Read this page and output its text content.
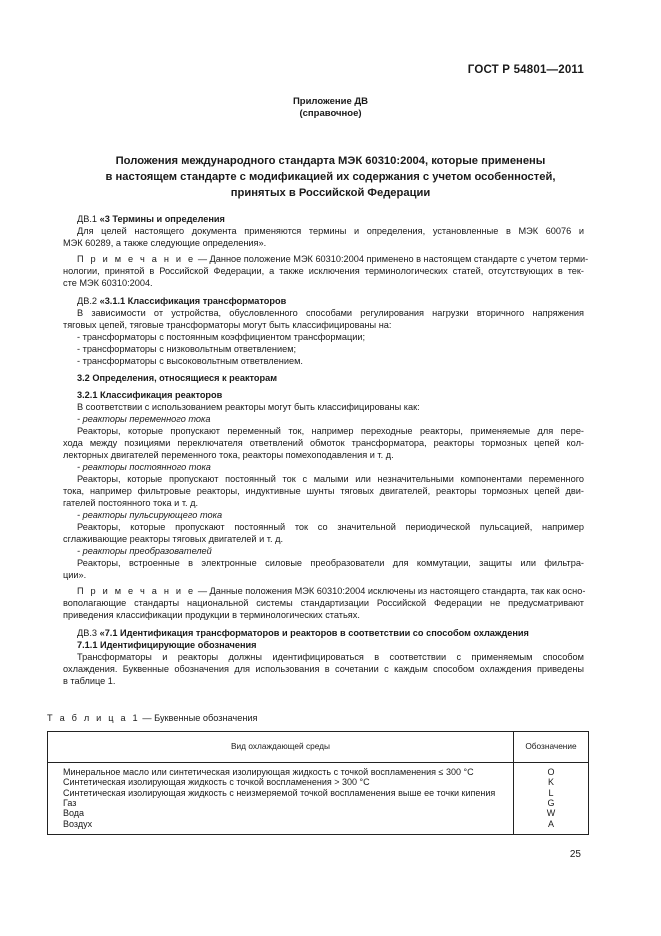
ГОСТ Р 54801—2011
Приложение ДВ
(справочное)
Положения международного стандарта МЭК 60310:2004, которые применены
в настоящем стандарте с модификацией их содержания с учетом особенностей,
принятых в Российской Федерации
ДВ.1 «3 Термины и определения
Для целей настоящего документа применяются термины и определения, установленные в МЭК 60076 и
МЭК 60289, а также следующие определения».
П р и м е ч а н и е — Данное положение МЭК 60310:2004 применено в настоящем стандарте с учетом терми-
нологии, принятой в Российской Федерации, а также исключения терминологических статей, отсутствующих в тек-
сте МЭК 60310:2004.
ДВ.2 «3.1.1 Классификация трансформаторов
В зависимости от устройства, обусловленного способами регулирования нагрузки вторичного напряжения
тяговых цепей, тяговые трансформаторы могут быть классифицированы на:
- трансформаторы с постоянным коэффициентом трансформации;
- трансформаторы с низковольтным ответвлением;
- трансформаторы с высоковольтным ответвлением.
3.2 Определения, относящиеся к реакторам
3.2.1 Классификация реакторов
В соответствии с использованием реакторы могут быть классифицированы как:
- реакторы переменного тока
Реакторы, которые пропускают переменный ток, например переходные реакторы, применяемые для пере-
хода между позициями переключателя ответвлений обмоток трансформатора, реакторы тормозных цепей кол-
лекторных двигателей переменного тока, реакторы помехоподавления и т. д.
- реакторы постоянного тока
Реакторы, которые пропускают постоянный ток с малыми или незначительными компонентами переменного
тока, например фильтровые реакторы, индуктивные шунты тяговых двигателей, реакторы тормозных цепей дви-
гателей постоянного тока и т. д.
- реакторы пульсирующего тока
Реакторы, которые пропускают постоянный ток со значительной периодической пульсацией, например
сглаживающие реакторы тяговых двигателей и т. д.
- реакторы преобразователей
Реакторы, встроенные в электронные силовые преобразователи для коммутации, защиты или фильтра-
ции».
П р и м е ч а н и е — Данные положения МЭК 60310:2004 исключены из настоящего стандарта, так как осно-
вополагающие стандарты национальной системы стандартизации Российской Федерации не предусматривают
приведения классификации продукции в терминологических статьях.
ДВ.3 «7.1 Идентификация трансформаторов и реакторов в соответствии со способом охлаждения
7.1.1 Идентифицирующие обозначения
Трансформаторы и реакторы должны идентифицироваться в соответствии с применяемым способом
охлаждения. Буквенные обозначения для использования в сочетании с каждым способом охлаждения приведены
в таблице 1.
Т а б л и ц а 1 — Буквенные обозначения
Вид охлаждающей среды	Обозначение
Минеральное масло или синтетическая изолирующая жидкость с точкой воспламенения ≤ 300 °С	O
Синтетическая изолирующая жидкость с точкой воспламенения > 300 °С	K
Синтетическая изолирующая жидкость с неизмеряемой точкой воспламенения выше ее точки кипения	L
Газ	G
Вода	W
Воздух	A
25
